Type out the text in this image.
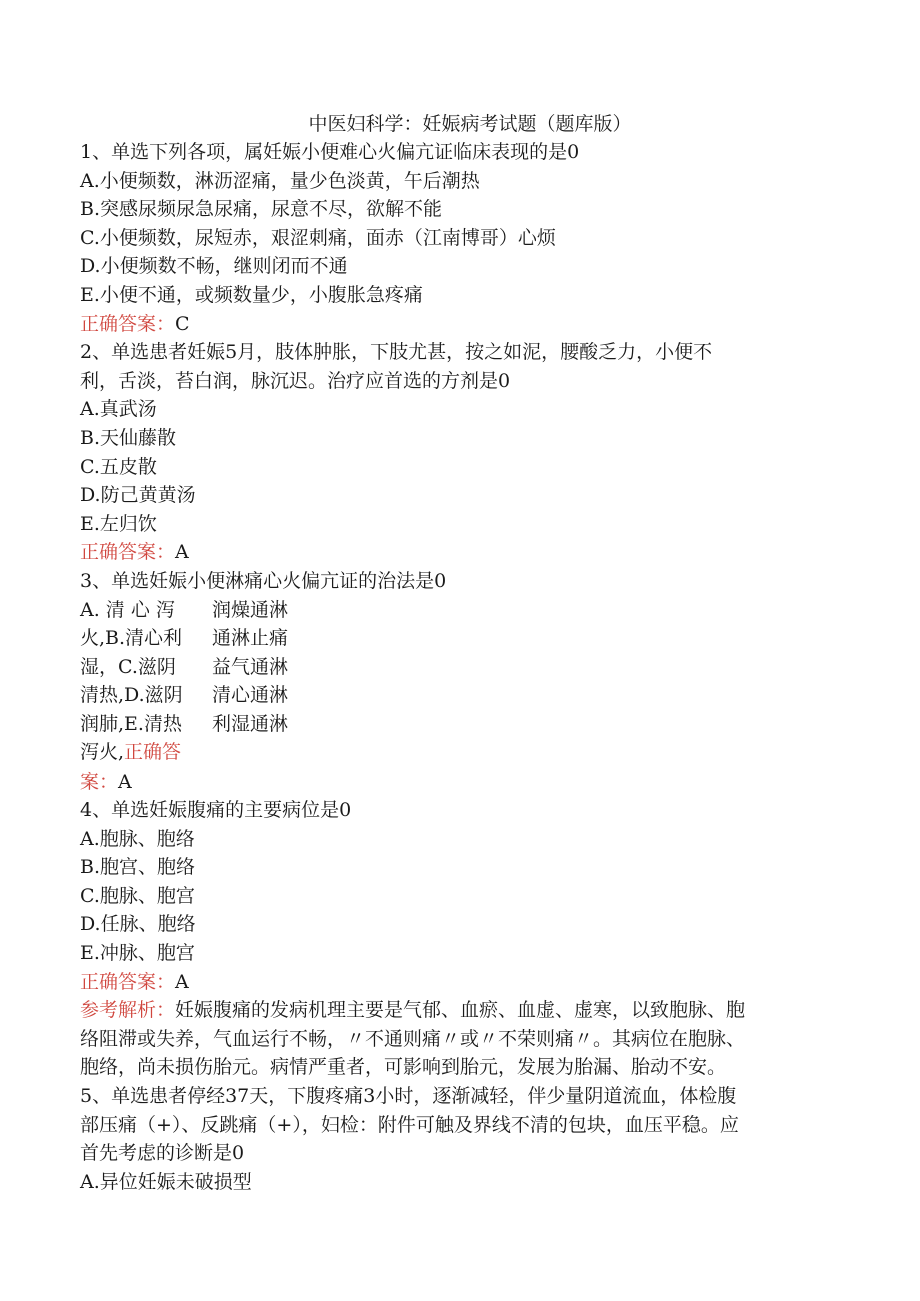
中医妇科学：妊娠病考试题（题库版）
1、单选下列各项，属妊娠小便难心火偏亢证临床表现的是0
A.小便频数，淋沥涩痛，量少色淡黄，午后潮热
B.突感尿频尿急尿痛，尿意不尽，欲解不能
C.小便频数，尿短赤，艰涩刺痛，面赤（江南博哥）心烦
D.小便频数不畅，继则闭而不通
E.小便不通，或频数量少，小腹胀急疼痛
正确答案：C
2、单选患者妊娠5月，肢体肿胀，下肢尤甚，按之如泥，腰酸乏力，小便不
利，舌淡，苔白润，脉沉迟。治疗应首选的方剂是0
A.真武汤
B.天仙藤散
C.五皮散
D.防己黄黄汤
E.左归饮
正确答案：A
3、单选妊娠小便淋痛心火偏亢证的治法是0
A. 清 心 泻
火,B.清心利
湿，C.滋阴
清热,D.滋阴
润肺,E.清热
泻火,正确答
润燥通淋
通淋止痛
益气通淋
清心通淋
利湿通淋
案：A
4、单选妊娠腹痛的主要病位是0
A.胞脉、胞络
B.胞宫、胞络
C.胞脉、胞宫
D.任脉、胞络
E.冲脉、胞宫
正确答案：A
参考解析：妊娠腹痛的发病机理主要是气郁、血瘀、血虚、虚寒，以致胞脉、胞
络阻滞或失养，气血运行不畅，〃不通则痛〃或〃不荣则痛〃。其病位在胞脉、
胞络，尚未损伤胎元。病情严重者，可影响到胎元，发展为胎漏、胎动不安。
5、单选患者停经37天，下腹疼痛3小时，逐渐减轻，伴少量阴道流血，体检腹
部压痛（+）、反跳痛（+），妇检：附件可触及界线不清的包块，血压平稳。应
首先考虑的诊断是0
A.异位妊娠未破损型
